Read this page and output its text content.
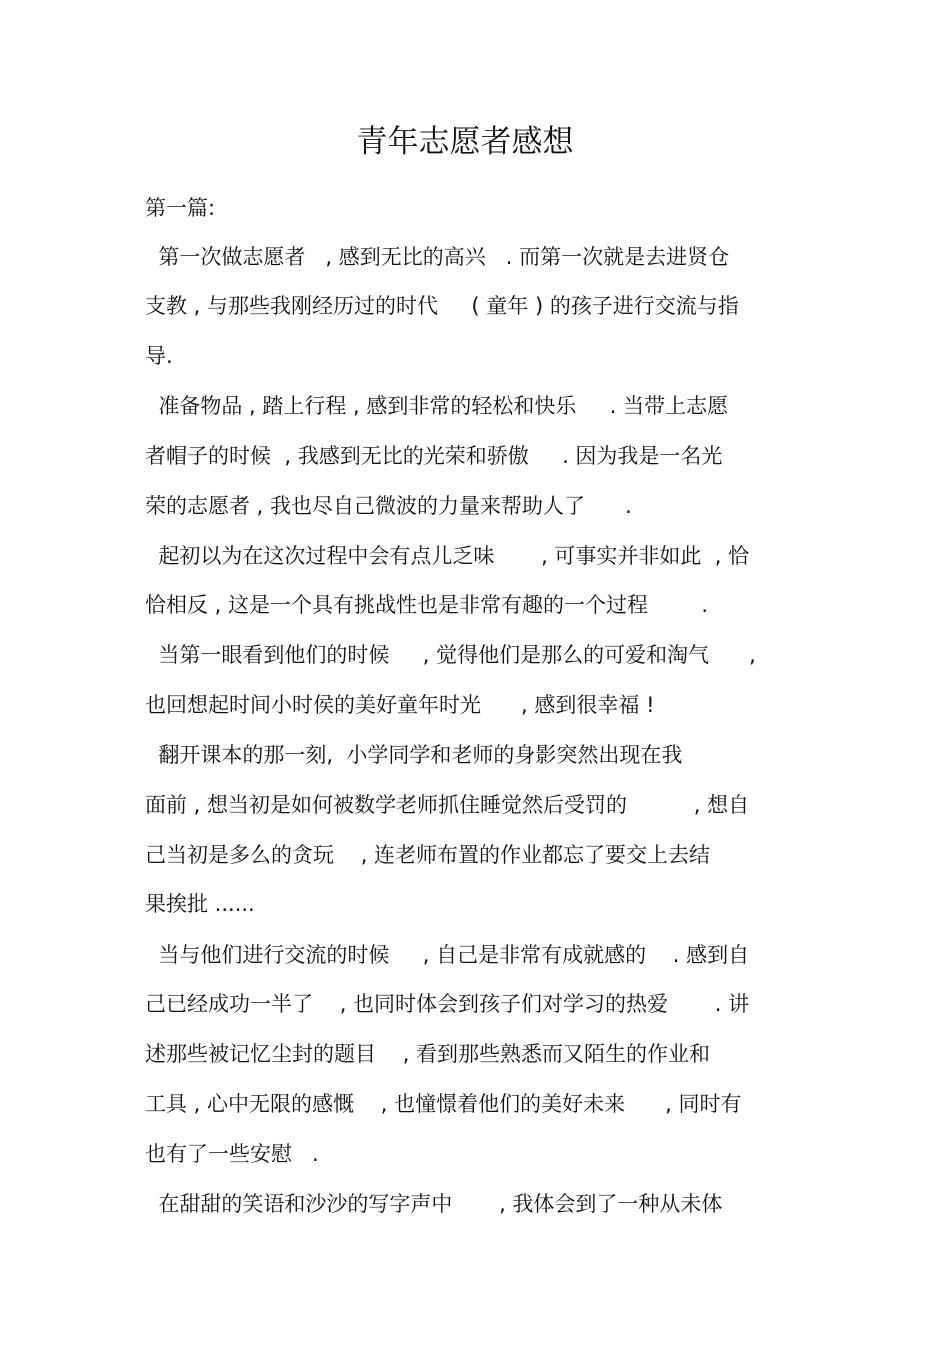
青年志愿者感想

第一篇:

第一次做志愿者   , 感到无比的高兴   . 而第一次就是去进贤仓

支教 , 与那些我刚经历过的时代     ( 童年 ) 的孩子进行交流与指

导.

准备物品 , 踏上行程 , 感到非常的轻松和快乐     . 当带上志愿

者帽子的时候  , 我感到无比的光荣和骄傲     . 因为我是一名光

荣的志愿者 , 我也尽自己微波的力量来帮助人了      .

起初以为在这次过程中会有点儿乏味       , 可事实并非如此  , 恰

恰相反 , 这是一个具有挑战性也是非常有趣的一个过程        .

当第一眼看到他们的时候     , 觉得他们是那么的可爱和淘气      ,

也回想起时间小时侯的美好童年时光      , 感到很幸福 !

翻开课本的那一刻,  小学同学和老师的身影突然出现在我

面前 , 想当初是如何被数学老师抓住睡觉然后受罚的          , 想自

己当初是多么的贪玩    , 连老师布置的作业都忘了要交上去结

果挨批 ......

当与他们进行交流的时候     , 自己是非常有成就感的    . 感到自

己已经成功一半了    , 也同时体会到孩子们对学习的热爱       . 讲

述那些被记忆尘封的题目    , 看到那些熟悉而又陌生的作业和

工具 , 心中无限的感慨    , 也憧憬着他们的美好未来      , 同时有

也有了一些安慰   .

在甜甜的笑语和沙沙的写字声中       , 我体会到了一种从未体
